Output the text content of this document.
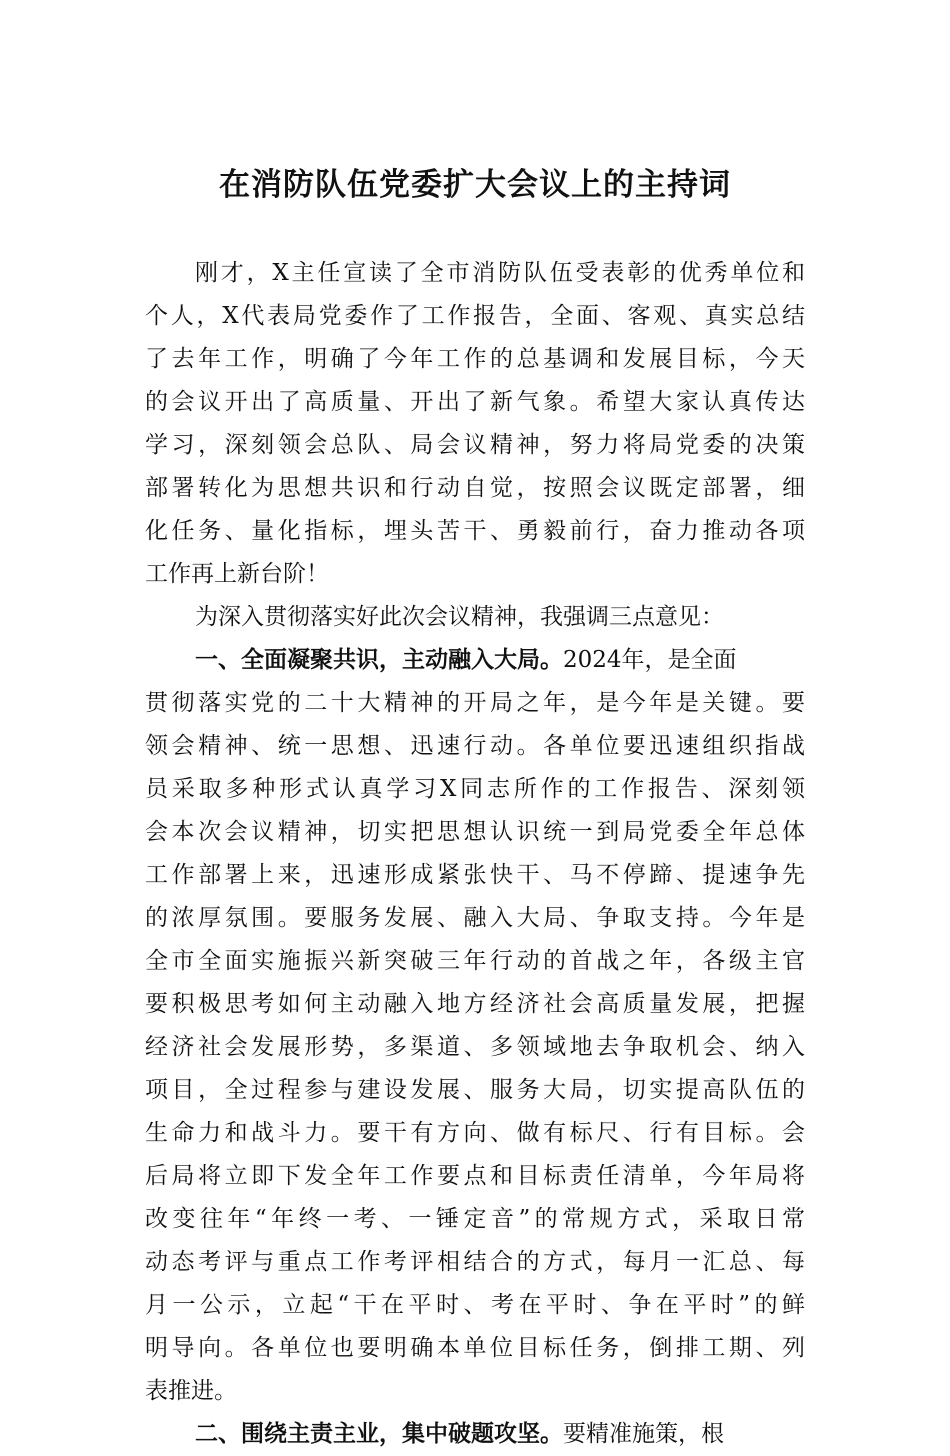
在消防队伍党委扩大会议上的主持词
刚才，X主任宣读了全市消防队伍受表彰的优秀单位和
个人，X代表局党委作了工作报告，全面、客观、真实总结
了去年工作，明确了今年工作的总基调和发展目标，今天
的会议开出了高质量、开出了新气象。希望大家认真传达
学习，深刻领会总队、局会议精神，努力将局党委的决策
部署转化为思想共识和行动自觉，按照会议既定部署，细
化任务、量化指标，埋头苦干、勇毅前行，奋力推动各项
工作再上新台阶！
为深入贯彻落实好此次会议精神，我强调三点意见：
一、全面凝聚共识，主动融入大局。2024年，是全面
贯彻落实党的二十大精神的开局之年，是今年是关键。要
领会精神、统一思想、迅速行动。各单位要迅速组织指战
员采取多种形式认真学习X同志所作的工作报告、深刻领
会本次会议精神，切实把思想认识统一到局党委全年总体
工作部署上来，迅速形成紧张快干、马不停蹄、提速争先
的浓厚氛围。要服务发展、融入大局、争取支持。今年是
全市全面实施振兴新突破三年行动的首战之年，各级主官
要积极思考如何主动融入地方经济社会高质量发展，把握
经济社会发展形势，多渠道、多领域地去争取机会、纳入
项目，全过程参与建设发展、服务大局，切实提高队伍的
生命力和战斗力。要干有方向、做有标尺、行有目标。会
后局将立即下发全年工作要点和目标责任清单，今年局将
改变往年“年终一考、一锤定音”的常规方式，采取日常
动态考评与重点工作考评相结合的方式，每月一汇总、每
月一公示，立起“干在平时、考在平时、争在平时”的鲜
明导向。各单位也要明确本单位目标任务，倒排工期、列
表推进。
二、围绕主责主业，集中破题攻坚。要精准施策，根
